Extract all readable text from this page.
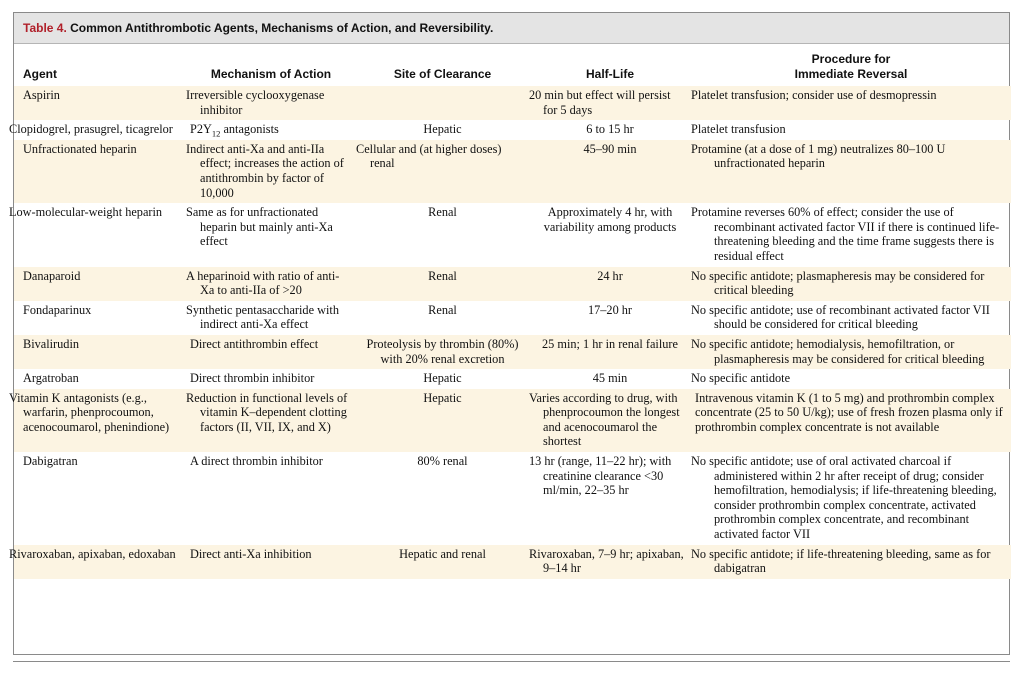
Table 4. Common Antithrombotic Agents, Mechanisms of Action, and Reversibility.
Agent	Mechanism of Action	Site of Clearance	Half-Life	Procedure for
Immediate Reversal
Aspirin	Irreversible cyclooxygenase inhibitor		20 min but effect will persist for 5 days	Platelet transfusion; consider use of desmopressin
Clopidogrel, prasugrel, ticagrelor	$P2Y_{12}$ antagonists	Hepatic	6 to 15 hr	Platelet transfusion
Unfractionated heparin	Indirect anti-Xa and anti-IIa effect; increases the action of antithrombin by factor of 10,000	Cellular and (at higher doses) renal	45–90 min	Protamine (at a dose of 1 mg) neutralizes 80–100 U unfractionated heparin
Low-molecular-weight heparin	Same as for unfractionated heparin but mainly anti-Xa effect	Renal	Approximately 4 hr, with variability among products	Protamine reverses 60% of effect; consider the use of recombinant activated factor VII if there is continued life-threatening bleeding and the time frame suggests there is residual effect
Danaparoid	A heparinoid with ratio of anti-Xa to anti-IIa of >20	Renal	24 hr	No specific antidote; plasmapheresis may be considered for critical bleeding
Fondaparinux	Synthetic pentasaccharide with indirect anti-Xa effect	Renal	17–20 hr	No specific antidote; use of recombinant activated factor VII should be considered for critical bleeding
Bivalirudin	Direct antithrombin effect	Proteolysis by thrombin (80%) with 20% renal excretion	25 min; 1 hr in renal failure	No specific antidote; hemodialysis, hemofiltration, or plasmapheresis may be considered for critical bleeding
Argatroban	Direct thrombin inhibitor	Hepatic	45 min	No specific antidote
Vitamin K antagonists (e.g., warfarin, phenprocoumon, acenocoumarol, phenindione)	Reduction in functional levels of vitamin K–dependent clotting factors (II, VII, IX, and X)	Hepatic	Varies according to drug, with phenprocoumon the longest and acenocoumarol the shortest	Intravenous vitamin K (1 to 5 mg) and prothrombin complex concentrate (25 to 50 U/kg); use of fresh frozen plasma only if prothrombin complex concentrate is not available
Dabigatran	A direct thrombin inhibitor	80% renal	13 hr (range, 11–22 hr); with creatinine clearance <30 ml/min, 22–35 hr	No specific antidote; use of oral activated charcoal if administered within 2 hr after receipt of drug; consider hemofiltration, hemodialysis; if life-threatening bleeding, consider prothrombin complex concentrate, activated prothrombin complex concentrate, and recombinant activated factor VII
Rivaroxaban, apixaban, edoxaban	Direct anti-Xa inhibition	Hepatic and renal	Rivaroxaban, 7–9 hr; apixaban, 9–14 hr	No specific antidote; if life-threatening bleeding, same as for dabigatran
